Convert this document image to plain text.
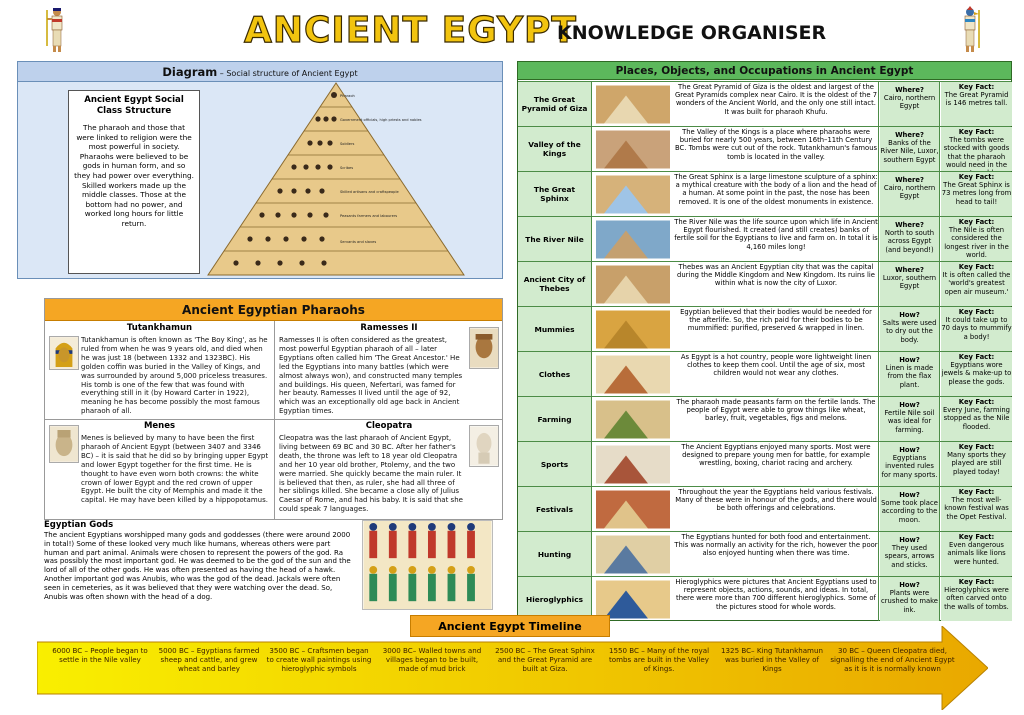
ANCIENT EGYPT
KNOWLEDGE ORGANISER
Diagram – Social structure of Ancient Egypt
Ancient Egypt Social Class Structure
The pharaoh and those that were linked to religion were the most powerful in society. Pharaohs were believed to be gods in human form, and so they had power over everything. Skilled workers made up the middle classes. Those at the bottom had no power, and worked long hours for little return.
Pharaoh
Government officials, high priests and nobles
Soldiers
Scribes
Skilled artisans and craftspeople
Peasants farmers and labourers
Servants and slaves
Ancient Egyptian Pharaohs
Tutankhamun
Tutankhamun is often known as 'The Boy King', as he ruled from when he was 9 years old, and died when he was just 18 (between 1332 and 1323BC). His golden coffin was buried in the Valley of Kings, and was surrounded by around 5,000 priceless treasures. His tomb is one of the few that was found with everything still in it (by Howard Carter in 1922), meaning he has become possibly the most famous pharaoh of all.
Ramesses II
Ramesses II is often considered as the greatest, most powerful Egyptian pharaoh of all – later Egyptians often called him 'The Great Ancestor.' He led the Egyptians into many battles (which were almost always won), and constructed many temples and buildings. His queen, Nefertari, was famed for her beauty. Ramesses II lived until the age of 92, which was an exceptionally old age back in Ancient Egyptian times.
Menes
Menes is believed by many to have been the first pharaoh of Ancient Egypt (between 3407 and 3346 BC) – it is said that he did so by bringing upper Egypt and lower Egypt together for the first time. He is thought to have even worn both crowns: the white crown of lower Egypt and the red crown of upper Egypt. He built the city of Memphis and made it the capital. He may have been killed by a hippopotamus.
Cleopatra
Cleopatra was the last pharaoh of Ancient Egypt, living between 69 BC and 30 BC. After her father's death, the throne was left to 18 year old Cleopatra and her 10 year old brother, Ptolemy, and the two were married. She quickly became the main ruler. It is believed that then, as ruler, she had all three of her siblings killed. She became a close ally of Julius Caesar of Rome, and had his baby. It is said that she could speak 7 languages.
Egyptian Gods
The ancient Egyptians worshipped many gods and goddesses (there were around 2000 in total!) Some of these looked very much like humans, whereas others were part human and part animal. Animals were chosen to represent the powers of the god. Ra was possibly the most important god. He was deemed to be the god of the sun and the lord of all of the other gods. He was often presented as having the head of a hawk. Another important god was Anubis, who was the god of the dead. Jackals were often seen in cemeteries, as it was believed that they were watching over the dead. So, Anubis was often shown with the head of a dog.
Places, Objects, and Occupations in Ancient Egypt
The Great Pyramid of Giza
The Great Pyramid of Giza is the oldest and largest of the Great Pyramids complex near Cairo. It is the oldest of the 7 wonders of the Ancient World, and the only one still intact. It was built for pharaoh Khufu.
Where?
Cairo, northern Egypt
Key Fact:
The Great Pyramid is 146 metres tall.
Valley of the Kings
The Valley of the Kings is a place where pharaohs were buried for nearly 500 years, between 16th–11th Century BC. Tombs were cut out of the rock. Tutankhamun's famous tomb is located in the valley.
Where?
Banks of the River Nile, Luxor, southern Egypt
Key Fact:
The tombs were stocked with goods that the pharaoh would need in the
The Great Sphinx
The Great Sphinx is a large limestone sculpture of a sphinx: a mythical creature with the body of a lion and the head of a human. At some point in the past, the nose has been removed. It is one of the oldest monuments in existence.
Where?
Cairo, northern Egypt
Key Fact:
The Great Sphinx is 73 metres long from head to tail!
The River Nile
The River Nile was the life source upon which life in Ancient Egypt flourished. It created (and still creates) banks of fertile soil for the Egyptians to live and farm on. In total it is 4,160 miles long!
Where?
North to south across Egypt (and beyond!)
Key Fact:
The Nile is often considered the longest river in the world.
Ancient City of Thebes
Thebes was an Ancient Egyptian city that was the capital during the Middle Kingdom and New Kingdom. Its ruins lie within what is now the city of Luxor.
Where?
Luxor, southern Egypt
Key Fact:
It is often called the 'world's greatest open air museum.'
Mummies
Egyptian believed that their bodies would be needed for the afterlife. So, the rich paid for their bodies to be mummified: purified, preserved & wrapped in linen.
How?
Salts were used to dry out the body.
Key Fact:
It could take up to 70 days to mummify a body!
Clothes
As Egypt is a hot country, people wore lightweight linen clothes to keep them cool. Until the age of six, most children would not wear any clothes.
How?
Linen is made from the flax plant.
Key Fact:
Egyptians wore jewels & make-up to please the gods.
Farming
The pharaoh made peasants farm on the fertile lands. The people of Egypt were able to grow things like wheat, barley, fruit, vegetables, figs and melons.
How?
Fertile Nile soil was ideal for farming.
Key Fact:
Every June, farming stopped as the Nile flooded.
Sports
The Ancient Egyptians enjoyed many sports. Most were designed to prepare young men for battle, for example wrestling, boxing, chariot racing and archery.
How?
Egyptians invented rules for many sports.
Key Fact:
Many sports they played are still played today!
Festivals
Throughout the year the Egyptians held various festivals. Many of these were in honour of the gods, and there would be both offerings and celebrations.
How?
Some took place according to the moon.
Key Fact:
The most well-known festival was the Opet Festival.
Hunting
The Egyptians hunted for both food and entertainment. This was normally an activity for the rich, however the poor also enjoyed hunting when there was time.
How?
They used spears, arrows and sticks.
Key Fact:
Even dangerous animals like lions were hunted.
Hieroglyphics
Hieroglyphics were pictures that Ancient Egyptians used to represent objects, actions, sounds, and ideas. In total, there were more than 700 different hieroglyphics. Some of the pictures stood for whole words.
How?
Plants were crushed to make ink.
Key Fact:
Hieroglyphics were often carved onto the walls of tombs.
Ancient Egypt Timeline
6000 BC – People began to settle in the Nile valley
5000 BC – Egyptians farmed sheep and cattle, and grew wheat and barley
3500 BC – Craftsmen began to create wall paintings using hieroglyphic symbols
3000 BC– Walled towns and villages began to be built, made of mud brick
2500 BC – The Great Sphinx and the Great Pyramid are built at Giza.
1550 BC – Many of the royal tombs are built in the Valley of Kings.
1325 BC– King Tutankhamun was buried in the Valley of Kings
30 BC – Queen Cleopatra died, signalling the end of Ancient Egypt as it is it is normally known
